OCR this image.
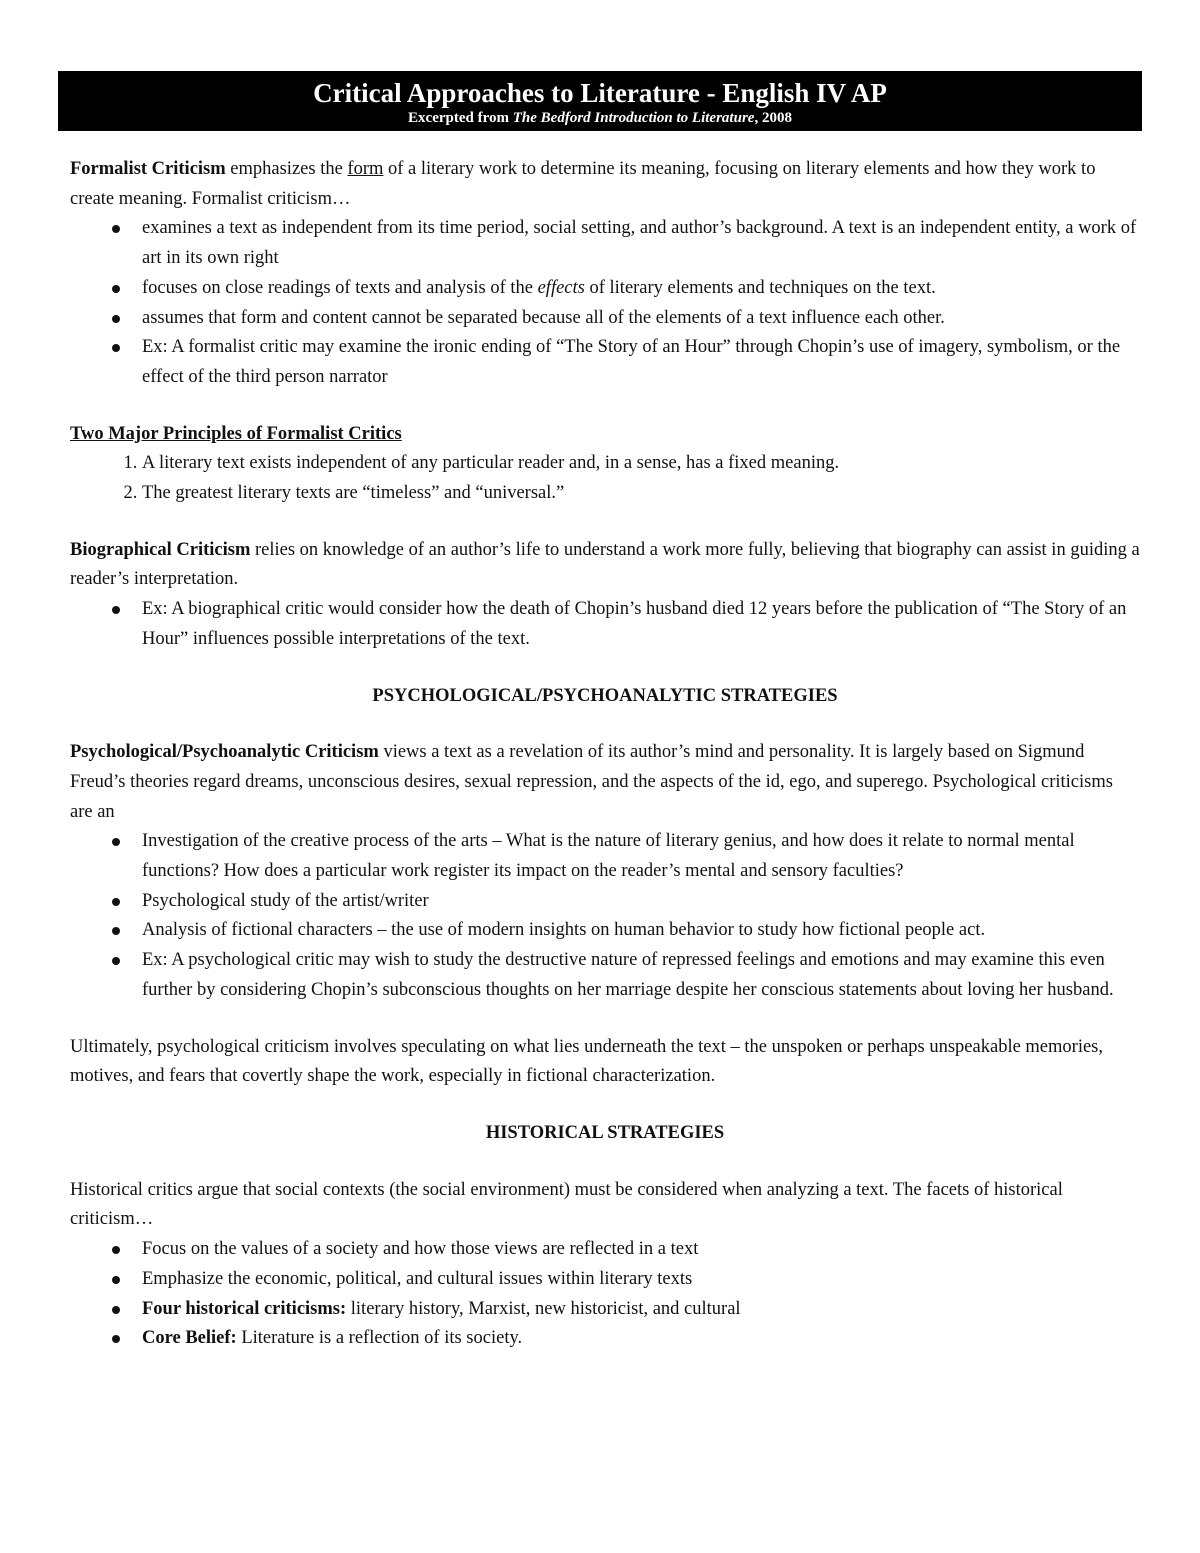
Critical Approaches to Literature - English IV AP
Excerpted from The Bedford Introduction to Literature, 2008

Formalist Criticism emphasizes the form of a literary work to determine its meaning, focusing on literary elements and how they work to create meaning. Formalist criticism…

examines a text as independent from its time period, social setting, and author’s background. A text is an independent entity, a work of art in its own right
focuses on close readings of texts and analysis of the effects of literary elements and techniques on the text.
assumes that form and content cannot be separated because all of the elements of a text influence each other.
Ex: A formalist critic may examine the ironic ending of “The Story of an Hour” through Chopin’s use of imagery, symbolism, or the effect of the third person narrator

Two Major Principles of Formalist Critics

1. A literary text exists independent of any particular reader and, in a sense, has a fixed meaning.
2. The greatest literary texts are “timeless” and “universal.”

Biographical Criticism relies on knowledge of an author’s life to understand a work more fully, believing that biography can assist in guiding a reader’s interpretation.

Ex: A biographical critic would consider how the death of Chopin’s husband died 12 years before the publication of “The Story of an Hour” influences possible interpretations of the text.

PSYCHOLOGICAL/PSYCHOANALYTIC STRATEGIES

Psychological/Psychoanalytic Criticism views a text as a revelation of its author’s mind and personality. It is largely based on Sigmund Freud’s theories regard dreams, unconscious desires, sexual repression, and the aspects of the id, ego, and superego. Psychological criticisms are an

Investigation of the creative process of the arts – What is the nature of literary genius, and how does it relate to normal mental functions? How does a particular work register its impact on the reader’s mental and sensory faculties?
Psychological study of the artist/writer
Analysis of fictional characters – the use of modern insights on human behavior to study how fictional people act.
Ex: A psychological critic may wish to study the destructive nature of repressed feelings and emotions and may examine this even further by considering Chopin’s subconscious thoughts on her marriage despite her conscious statements about loving her husband.

Ultimately, psychological criticism involves speculating on what lies underneath the text – the unspoken or perhaps unspeakable memories, motives, and fears that covertly shape the work, especially in fictional characterization.

HISTORICAL STRATEGIES

Historical critics argue that social contexts (the social environment) must be considered when analyzing a text. The facets of historical criticism…

Focus on the values of a society and how those views are reflected in a text
Emphasize the economic, political, and cultural issues within literary texts
Four historical criticisms: literary history, Marxist, new historicist, and cultural
Core Belief: Literature is a reflection of its society.
